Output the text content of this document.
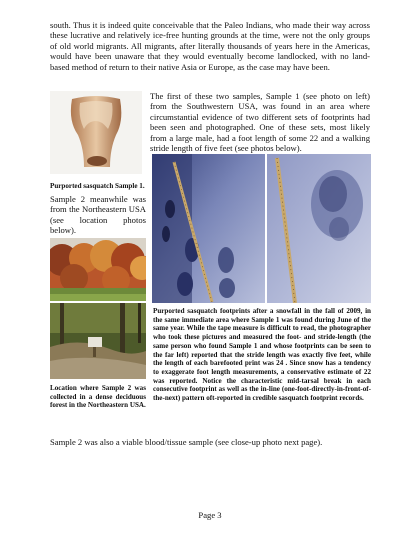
south. Thus it is indeed quite conceivable that the Paleo Indians, who made their way across these lucrative and relatively ice-free hunting grounds at the time, were not the only groups of old world migrants. All migrants, after literally thousands of years here in the Americas, would have been unaware that they would eventually become landlocked, with no land-based method of return to their native Asia or Europe, as the case may have been.

The first of these two samples, Sample 1 (see photo on left) from the Southwestern USA, was found in an area where circumstantial evidence of two different sets of footprints had been seen and photographed. One of these sets, most likely from a large male, had a foot length of some 22 and a walking stride length of five feet (see photos below).

Purported sasquatch Sample 1.

Sample 2 meanwhile was from the Northeastern USA (see location photos below).

Purported sasquatch footprints after a snowfall in the fall of 2009, in the same immediate area where Sample 1 was found during June of the same year. While the tape measure is difficult to read, the photographer who took these pictures and measured the foot- and stride-length (the same person who found Sample 1 and whose footprints can be seen to the far left) reported that the stride length was exactly five feet, while the length of each barefooted print was 24 . Since snow has a tendency to exaggerate foot length measurements, a conservative estimate of 22 was reported. Notice the characteristic mid-tarsal break in each consecutive footprint as well as the in-line (one-foot-directly-in-front-of-the-next) pattern oft-reported in credible sasquatch footprint records.

Location where Sample 2 was collected in a dense deciduous forest in the Northeastern USA.

Sample 2 was also a viable blood/tissue sample (see close-up photo next page).

Page 3
